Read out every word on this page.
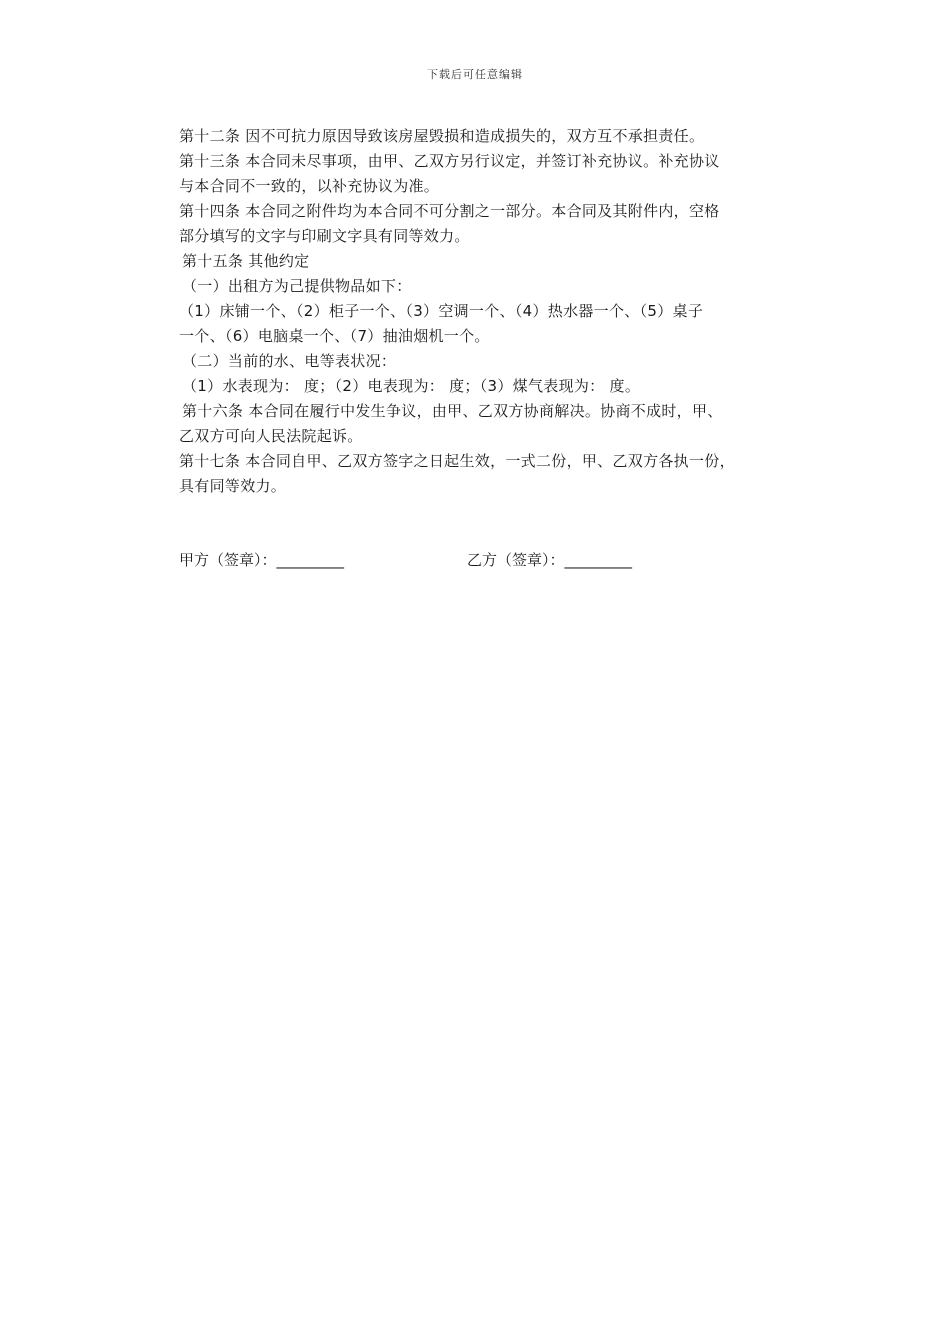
下载后可任意编辑
第十二条 因不可抗力原因导致该房屋毁损和造成损失的，双方互不承担责任。
第十三条 本合同未尽事项，由甲、乙双方另行议定，并签订补充协议。补充协议
与本合同不一致的，以补充协议为准。
第十四条 本合同之附件均为本合同不可分割之一部分。本合同及其附件内，空格
部分填写的文字与印刷文字具有同等效力。
第十五条 其他约定
（一）出租方为己提供物品如下：
（1）床铺一个、（2）柜子一个、（3）空调一个、（4）热水器一个、（5）桌子
一个、（6）电脑桌一个、（7）抽油烟机一个。
（二）当前的水、电等表状况：
（1）水表现为： 度；（2）电表现为： 度；（3）煤气表现为： 度。
第十六条 本合同在履行中发生争议，由甲、乙双方协商解决。协商不成时，甲、
乙双方可向人民法院起诉。
第十七条 本合同自甲、乙双方签字之日起生效，一式二份，甲、乙双方各执一份，
具有同等效力。
甲方（签章）：_________	乙方（签章）：_________
